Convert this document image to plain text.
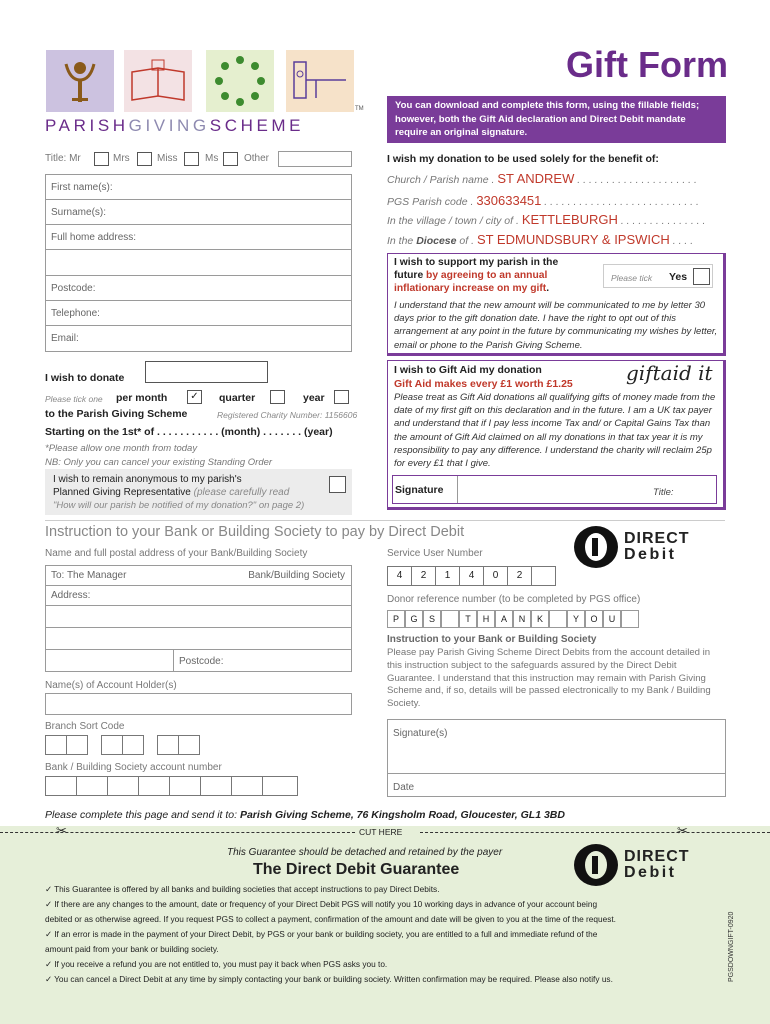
TM
PARISHGIVINGSCHEME
Gift Form
You can download and complete this form, using the fillable fields; however, both the Gift Aid declaration and Direct Debit mandate require an original signature.
Title: Mr	Mrs	Miss	Ms	Other
First name(s):
Surname(s):
Full home address:
Postcode:
Telephone:
Email:
I wish my donation to be used solely for the benefit of:
Church / Parish name . ST ANDREW . . . . . . . . . . . . . . . . . . . . .
PGS Parish code . 330633451 . . . . . . . . . . . . . . . . . . . . . . . . . . .
In the village / town / city of . KETTLEBURGH . . . . . . . . . . . . . . .
In the Diocese of . ST EDMUNDSBURY & IPSWICH . . . .
I wish to support my parish in the
future by agreeing to an annual
inflationary increase on my gift.
Please tick Yes
I understand that the new amount will be communicated to me by letter 30 days prior to the gift donation date. I have the right to opt out of this arrangement at any point in the future by communicating my wishes by letter, email or phone to the Parish Giving Scheme.
I wish to donate
Please tick one per month	✓	quarter	year
to the Parish Giving Scheme	Registered Charity Number: 1156606
Starting on the 1st* of . . . . . . . . . . . (month) . . . . . . . (year)
*Please allow one month from today
NB: Only you can cancel your existing Standing Order
I wish to remain anonymous to my parish's
Planned Giving Representative (please carefully read
"How will our parish be notified of my donation?" on page 2)
I wish to Gift Aid my donation
Gift Aid makes every £1 worth £1.25	giftaid it
Please treat as Gift Aid donations all qualifying gifts of money made from the date of my first gift on this declaration and in the future. I am a UK tax payer and understand that if I pay less income Tax and/ or Capital Gains Tax than the amount of Gift Aid claimed on all my donations in that tax year it is my responsibility to pay any difference. I understand the charity will reclaim 25p for every £1 that I give.
Signature	Title:
Instruction to your Bank or Building Society to pay by Direct Debit
Name and full postal address of your Bank/Building Society
To: The Manager	Bank/Building Society
Address:
Postcode:
Name(s) of Account Holder(s)
Branch Sort Code
Bank / Building Society account number
DIRECT
Debit
Service User Number
4	2	1	4	0	2
Donor reference number (to be completed by PGS office)
P	G	S	T	H	A	N	K	Y	O	U
Instruction to your Bank or Building Society
Please pay Parish Giving Scheme Direct Debits from the account detailed in this instruction subject to the safeguards assured by the Direct Debit Guarantee. I understand that this instruction may remain with Parish Giving Scheme and, if so, details will be passed electronically to my Bank / Building Society.
Signature(s)
Date
Please complete this page and send it to: Parish Giving Scheme, 76 Kingsholm Road, Gloucester, GL1 3BD
✂	✂
CUT HERE
This Guarantee should be detached and retained by the payer
The Direct Debit Guarantee
DIRECT
Debit
✓ This Guarantee is offered by all banks and building societies that accept instructions to pay Direct Debits.
✓ If there are any changes to the amount, date or frequency of your Direct Debit PGS will notify you 10 working days in advance of your account being
debited or as otherwise agreed. If you request PGS to collect a payment, confirmation of the amount and date will be given to you at the time of the request.
✓ If an error is made in the payment of your Direct Debit, by PGS or your bank or building society, you are entitled to a full and immediate refund of the
amount paid from your bank or building society.
✓ If you receive a refund you are not entitled to, you must pay it back when PGS asks you to.
✓ You can cancel a Direct Debit at any time by simply contacting your bank or building society. Written confirmation may be required. Please also notify us.	PGSDOWNGIFT-0920
